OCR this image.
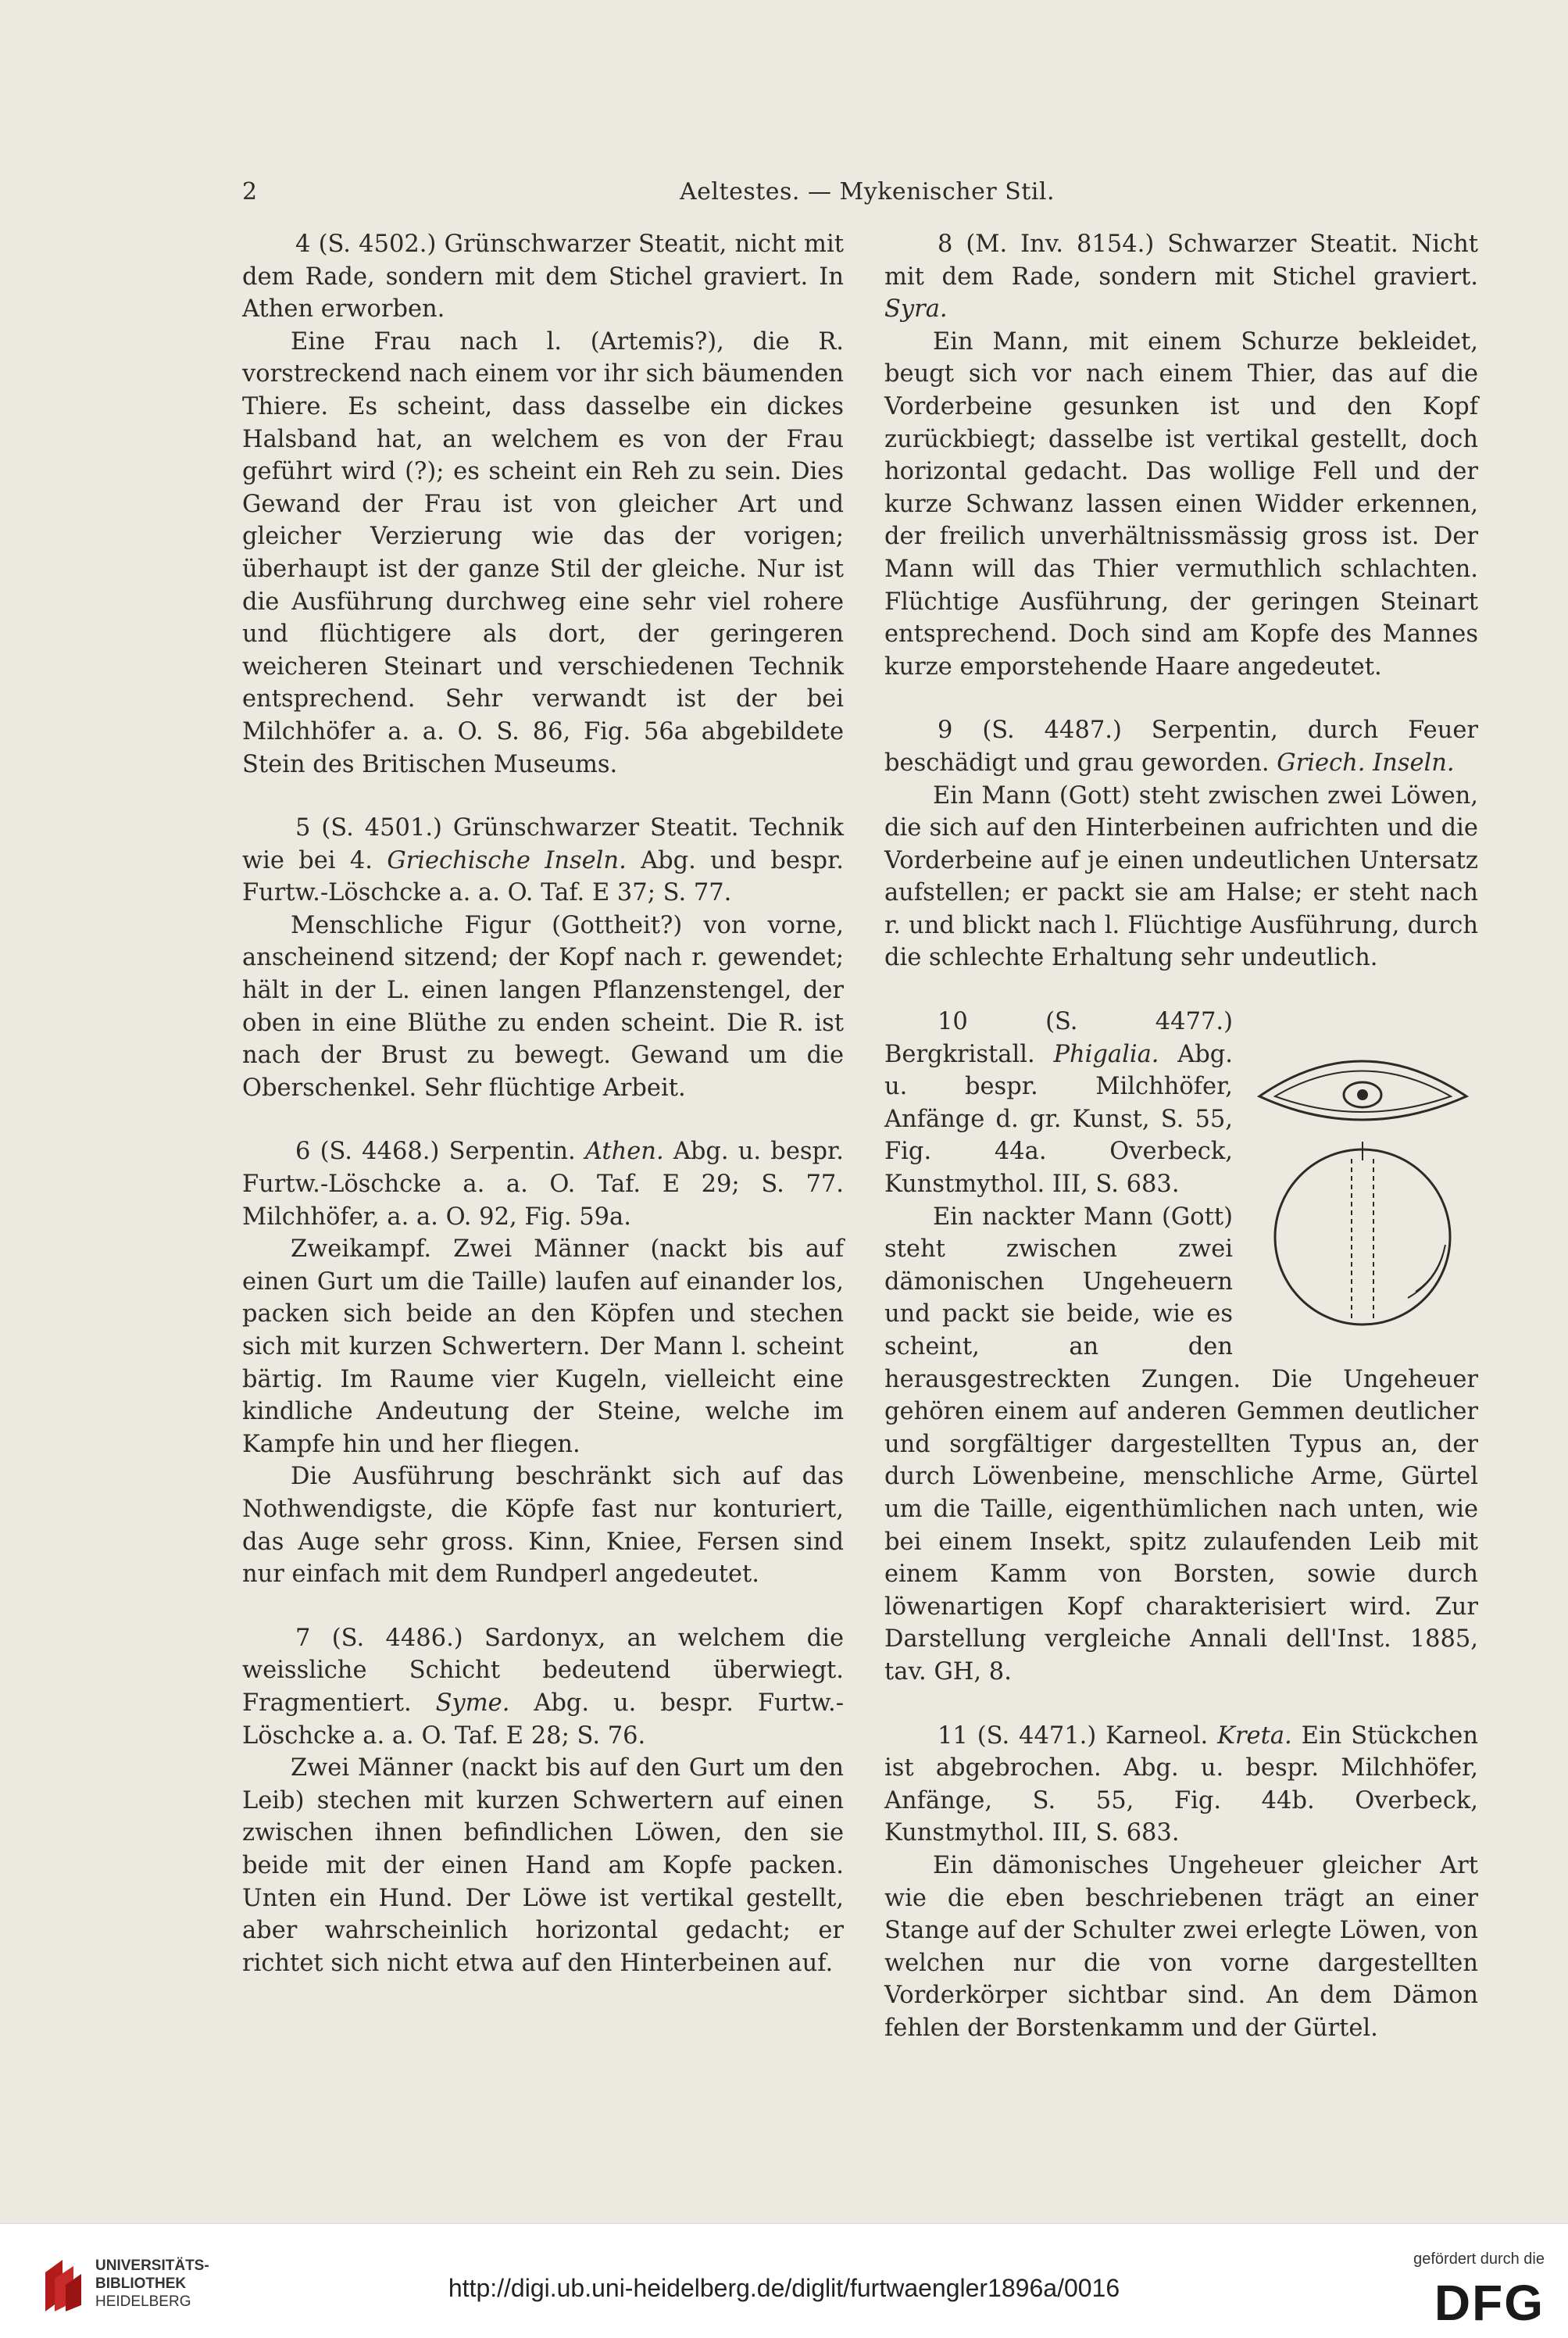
2	Aeltestes. — Mykenischer Stil.

4 (S. 4502.) Grünschwarzer Steatit, nicht mit dem Rade, sondern mit dem Stichel graviert. In Athen erworben.

Eine Frau nach l. (Artemis?), die R. vorstreckend nach einem vor ihr sich bäumenden Thiere. Es scheint, dass dasselbe ein dickes Halsband hat, an welchem es von der Frau geführt wird (?); es scheint ein Reh zu sein. Dies Gewand der Frau ist von gleicher Art und gleicher Verzierung wie das der vorigen; überhaupt ist der ganze Stil der gleiche. Nur ist die Ausführung durchweg eine sehr viel rohere und flüchtigere als dort, der geringeren weicheren Steinart und verschiedenen Technik entsprechend. Sehr verwandt ist der bei Milchhöfer a. a. O. S. 86, Fig. 56a abgebildete Stein des Britischen Museums.

5 (S. 4501.) Grünschwarzer Steatit. Technik wie bei 4. Griechische Inseln. Abg. und bespr. Furtw.-Löschcke a. a. O. Taf. E 37; S. 77.

Menschliche Figur (Gottheit?) von vorne, anscheinend sitzend; der Kopf nach r. gewendet; hält in der L. einen langen Pflanzenstengel, der oben in eine Blüthe zu enden scheint. Die R. ist nach der Brust zu bewegt. Gewand um die Oberschenkel. Sehr flüchtige Arbeit.

6 (S. 4468.) Serpentin. Athen. Abg. u. bespr. Furtw.-Löschcke a. a. O. Taf. E 29; S. 77. Milchhöfer, a. a. O. 92, Fig. 59a.

Zweikampf. Zwei Männer (nackt bis auf einen Gurt um die Taille) laufen auf einander los, packen sich beide an den Köpfen und stechen sich mit kurzen Schwertern. Der Mann l. scheint bärtig. Im Raume vier Kugeln, vielleicht eine kindliche Andeutung der Steine, welche im Kampfe hin und her fliegen.

Die Ausführung beschränkt sich auf das Nothwendigste, die Köpfe fast nur konturiert, das Auge sehr gross. Kinn, Kniee, Fersen sind nur einfach mit dem Rundperl angedeutet.

7 (S. 4486.) Sardonyx, an welchem die weissliche Schicht bedeutend überwiegt. Fragmentiert. Syme. Abg. u. bespr. Furtw.-Löschcke a. a. O. Taf. E 28; S. 76.

Zwei Männer (nackt bis auf den Gurt um den Leib) stechen mit kurzen Schwertern auf einen zwischen ihnen befindlichen Löwen, den sie beide mit der einen Hand am Kopfe packen. Unten ein Hund. Der Löwe ist vertikal gestellt, aber wahrscheinlich horizontal gedacht; er richtet sich nicht etwa auf den Hinterbeinen auf.

8 (M. Inv. 8154.) Schwarzer Steatit. Nicht mit dem Rade, sondern mit Stichel graviert. Syra.

Ein Mann, mit einem Schurze bekleidet, beugt sich vor nach einem Thier, das auf die Vorderbeine gesunken ist und den Kopf zurückbiegt; dasselbe ist vertikal gestellt, doch horizontal gedacht. Das wollige Fell und der kurze Schwanz lassen einen Widder erkennen, der freilich unverhältnissmässig gross ist. Der Mann will das Thier vermuthlich schlachten. Flüchtige Ausführung, der geringen Steinart entsprechend. Doch sind am Kopfe des Mannes kurze emporstehende Haare angedeutet.

9 (S. 4487.) Serpentin, durch Feuer beschädigt und grau geworden. Griech. Inseln.

Ein Mann (Gott) steht zwischen zwei Löwen, die sich auf den Hinterbeinen aufrichten und die Vorderbeine auf je einen undeutlichen Untersatz aufstellen; er packt sie am Halse; er steht nach r. und blickt nach l. Flüchtige Ausführung, durch die schlechte Erhaltung sehr undeutlich.

10	(S. 4477.) Bergkristall. Phigalia. Abg. u. bespr. Milchhöfer, Anfänge d. gr. Kunst, S. 55, Fig. 44a. Overbeck, Kunstmythol. III, S. 683.

Ein nackter Mann (Gott) steht zwischen zwei dämonischen Ungeheuern und packt sie beide, wie es scheint, an den herausgestreckten Zungen. Die Ungeheuer gehören einem auf anderen Gemmen deutlicher und sorgfältiger dargestellten Typus an, der durch Löwenbeine, menschliche Arme, Gürtel um die Taille, eigenthümlichen nach unten, wie bei einem Insekt, spitz zulaufenden Leib mit einem Kamm von Borsten, sowie durch löwenartigen Kopf charakterisiert wird. Zur Darstellung vergleiche Annali dell'Inst. 1885, tav. GH, 8.

11 (S. 4471.) Karneol. Kreta. Ein Stückchen ist abgebrochen. Abg. u. bespr. Milchhöfer, Anfänge, S. 55, Fig. 44b. Overbeck, Kunstmythol. III, S. 683.

Ein dämonisches Ungeheuer gleicher Art wie die eben beschriebenen trägt an einer Stange auf der Schulter zwei erlegte Löwen, von welchen nur die von vorne dargestellten Vorderkörper sichtbar sind. An dem Dämon fehlen der Borstenkamm und der Gürtel.

UNIVERSITÄTS-
BIBLIOTHEK
HEIDELBERG	http://digi.ub.uni-heidelberg.de/diglit/furtwaengler1896a/0016
gefördert durch die
DFG
